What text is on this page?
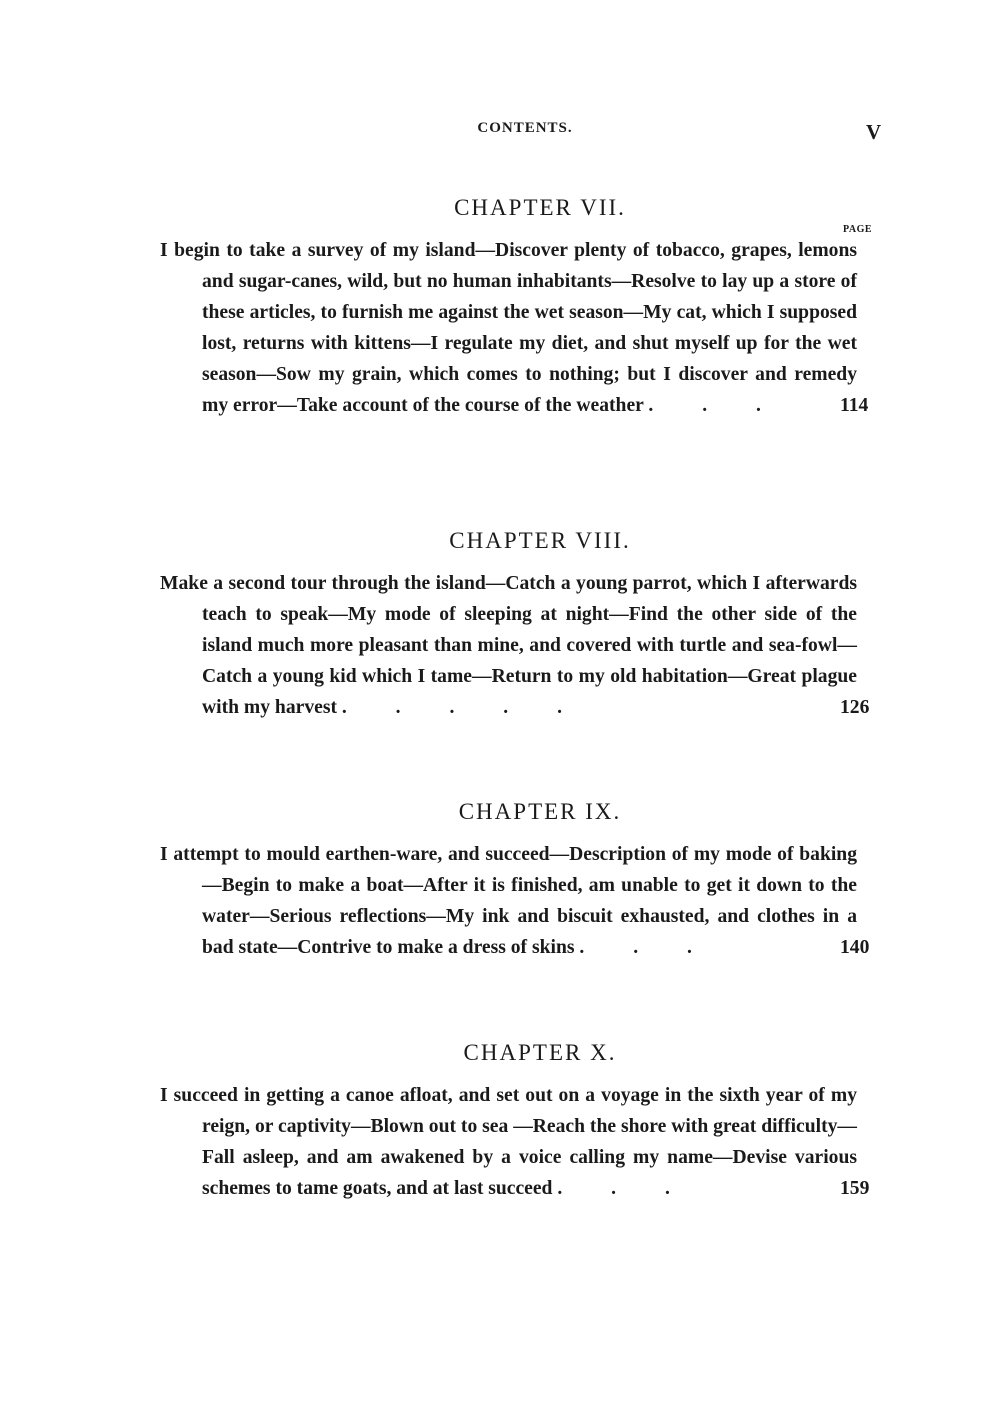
CONTENTS.	V
PAGE
CHAPTER VII.
I begin to take a survey of my island—Discover plenty of tobacco, grapes, lemons and sugar-canes, wild, but no human inhabitants—Resolve to lay up a store of these articles, to furnish me against the wet season—My cat, which I supposed lost, returns with kittens—I regulate my diet, and shut myself up for the wet season—Sow my grain, which comes to nothing; but I discover and remedy my error—Take account of the course of the weather . . .	114
CHAPTER VIII.
Make a second tour through the island—Catch a young parrot, which I afterwards teach to speak—My mode of sleeping at night—Find the other side of the island much more pleasant than mine, and covered with turtle and sea-fowl—Catch a young kid which I tame—Return to my old habitation—Great plague with my harvest . . . . .	126
CHAPTER IX.
I attempt to mould earthen-ware, and succeed—Description of my mode of baking—Begin to make a boat—After it is finished, am unable to get it down to the water—Serious reflections—My ink and biscuit exhausted, and clothes in a bad state—Contrive to make a dress of skins . . .	140
CHAPTER X.
I succeed in getting a canoe afloat, and set out on a voyage in the sixth year of my reign, or captivity—Blown out to sea —Reach the shore with great difficulty—Fall asleep, and am awakened by a voice calling my name—Devise various schemes to tame goats, and at last succeed . . .	159
